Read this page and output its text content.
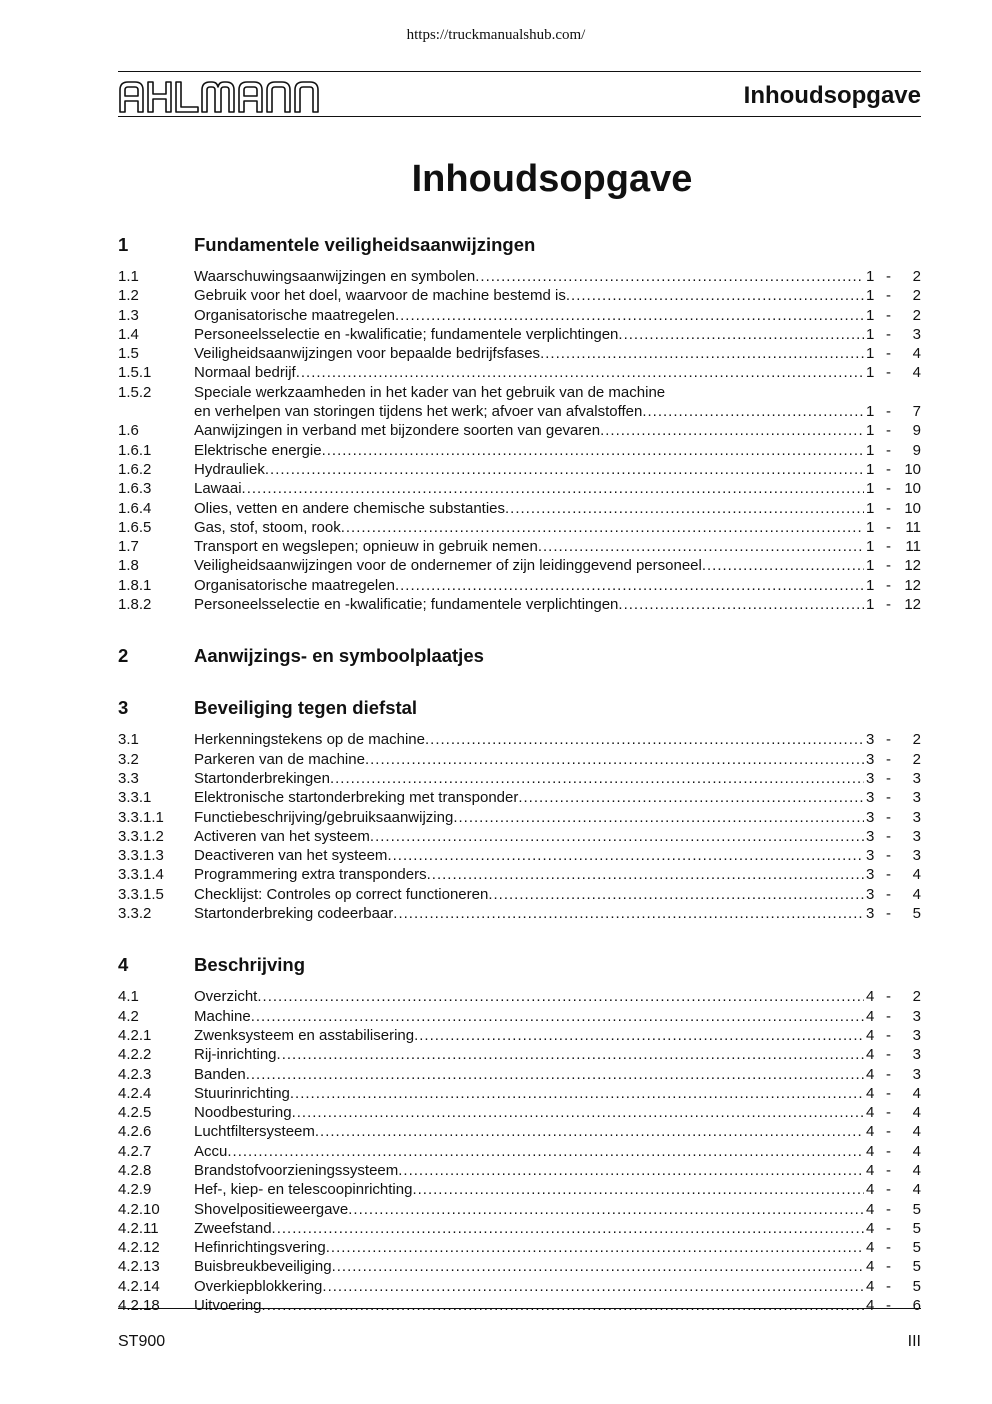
https://truckmanualshub.com/
Inhoudsopgave
Inhoudsopgave
1	Fundamentele veiligheidsaanwijzingen
1.1	Waarschuwingsaanwijzingen en symbolen .....	1 -	2
1.2	Gebruik voor het doel, waarvoor de machine bestemd is .....	1 -	2
1.3	Organisatorische maatregelen .....	1 -	2
1.4	Personeelsselectie en -kwalificatie; fundamentele verplichtingen .....	1 -	3
1.5	Veiligheidsaanwijzingen voor bepaalde bedrijfsfases .....	1 -	4
1.5.1	Normaal bedrijf .....	1 -	4
1.5.2	Speciale werkzaamheden in het kader van het gebruik van de machine
en verhelpen van storingen tijdens het werk; afvoer van afvalstoffen .....	1 -	7
1.6	Aanwijzingen in verband met bijzondere soorten van gevaren .....	1 -	9
1.6.1	Elektrische energie .....	1 -	9
1.6.2	Hydrauliek .....	1 - 10
1.6.3	Lawaai .....	1 - 10
1.6.4	Olies, vetten en andere chemische substanties .....	1 - 10
1.6.5	Gas, stof, stoom, rook .....	1 - 11
1.7	Transport en wegslepen; opnieuw in gebruik nemen .....	1 - 11
1.8	Veiligheidsaanwijzingen voor de ondernemer of zijn leidinggevend personeel .....	1 - 12
1.8.1	Organisatorische maatregelen .....	1 - 12
1.8.2	Personeelsselectie en -kwalificatie; fundamentele verplichtingen .....	1 - 12
2	Aanwijzings- en symboolplaatjes
3	Beveiliging tegen diefstal
3.1	Herkenningstekens op de machine .....	3 -	2
3.2	Parkeren van de machine .....	3 -	2
3.3	Startonderbrekingen .....	3 -	3
3.3.1	Elektronische startonderbreking met transponder .....	3 -	3
3.3.1.1	Functiebeschrijving/gebruiksaanwijzing .....	3 -	3
3.3.1.2	Activeren van het systeem .....	3 -	3
3.3.1.3	Deactiveren van het systeem .....	3 -	3
3.3.1.4	Programmering extra transponders .....	3 -	4
3.3.1.5	Checklijst: Controles op correct functioneren .....	3 -	4
3.3.2	Startonderbreking codeerbaar .....	3 -	5
4	Beschrijving
4.1	Overzicht .....	4 -	2
4.2	Machine .....	4 -	3
4.2.1	Zwenksysteem en asstabilisering .....	4 -	3
4.2.2	Rij-inrichting .....	4 -	3
4.2.3	Banden .....	4 -	3
4.2.4	Stuurinrichting .....	4 -	4
4.2.5	Noodbesturing .....	4 -	4
4.2.6	Luchtfiltersysteem .....	4 -	4
4.2.7	Accu .....	4 -	4
4.2.8	Brandstofvoorzieningssysteem .....	4 -	4
4.2.9	Hef-, kiep- en telescoopinrichting .....	4 -	4
4.2.10	Shovelpositieweergave .....	4 -	5
4.2.11	Zweefstand .....	4 -	5
4.2.12	Hefinrichtingsvering .....	4 -	5
4.2.13	Buisbreukbeveiliging .....	4 -	5
4.2.14	Overkiepblokkering .....	4 -	5
4.2.18	Uitvoering .....	4 -	6
ST900	III
